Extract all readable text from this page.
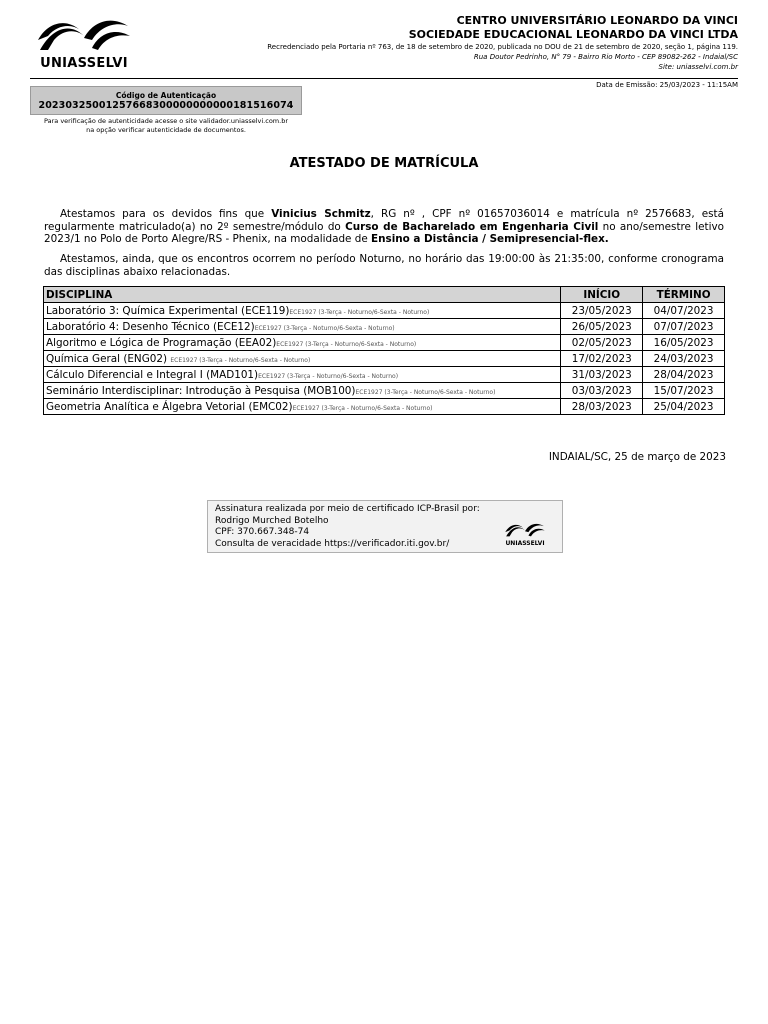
UNIASSELVI
CENTRO UNIVERSITÁRIO LEONARDO DA VINCI
SOCIEDADE EDUCACIONAL LEONARDO DA VINCI LTDA
Recredenciado pela Portaria nº 763, de 18 de setembro de 2020, publicada no DOU de 21 de setembro de 2020, seção 1, página 119.
Rua Doutor Pedrinho, N° 79 - Bairro Rio Morto - CEP 89082-262 - Indaial/SC
Site: uniasselvi.com.br
Data de Emissão: 25/03/2023 - 11:15AM
Código de Autenticação
20230325001257668300000000000181516074
Para verificação de autenticidade acesse o site validador.uniasselvi.com.br na opção verificar autenticidade de documentos.
ATESTADO DE MATRÍCULA
Atestamos para os devidos fins que Vinicius Schmitz, RG nº , CPF nº 01657036014 e matrícula nº 2576683, está regularmente matriculado(a) no 2º semestre/módulo do Curso de Bacharelado em Engenharia Civil no ano/semestre letivo 2023/1 no Polo de Porto Alegre/RS - Phenix, na modalidade de Ensino a Distância / Semipresencial-flex.
Atestamos, ainda, que os encontros ocorrem no período Noturno, no horário das 19:00:00 às 21:35:00, conforme cronograma das disciplinas abaixo relacionadas.
DISCIPLINA	INÍCIO	TÉRMINO
Laboratório 3: Química Experimental (ECE119)ECE1927 (3-Terça - Noturno/6-Sexta - Noturno)	23/05/2023	04/07/2023
Laboratório 4: Desenho Técnico (ECE12)ECE1927 (3-Terça - Noturno/6-Sexta - Noturno)	26/05/2023	07/07/2023
Algoritmo e Lógica de Programação (EEA02)ECE1927 (3-Terça - Noturno/6-Sexta - Noturno)	02/05/2023	16/05/2023
Química Geral (ENG02) ECE1927 (3-Terça - Noturno/6-Sexta - Noturno)	17/02/2023	24/03/2023
Cálculo Diferencial e Integral I (MAD101)ECE1927 (3-Terça - Noturno/6-Sexta - Noturno)	31/03/2023	28/04/2023
Seminário Interdisciplinar: Introdução à Pesquisa (MOB100)ECE1927 (3-Terça - Noturno/6-Sexta - Noturno)	03/03/2023	15/07/2023
Geometria Analítica e Álgebra Vetorial (EMC02)ECE1927 (3-Terça - Noturno/6-Sexta - Noturno)	28/03/2023	25/04/2023
INDAIAL/SC, 25 de março de 2023
Assinatura realizada por meio de certificado ICP-Brasil por:
Rodrigo Murched Botelho
CPF: 370.667.348-74
Consulta de veracidade https://verificador.iti.gov.br/	UNIASSELVI
